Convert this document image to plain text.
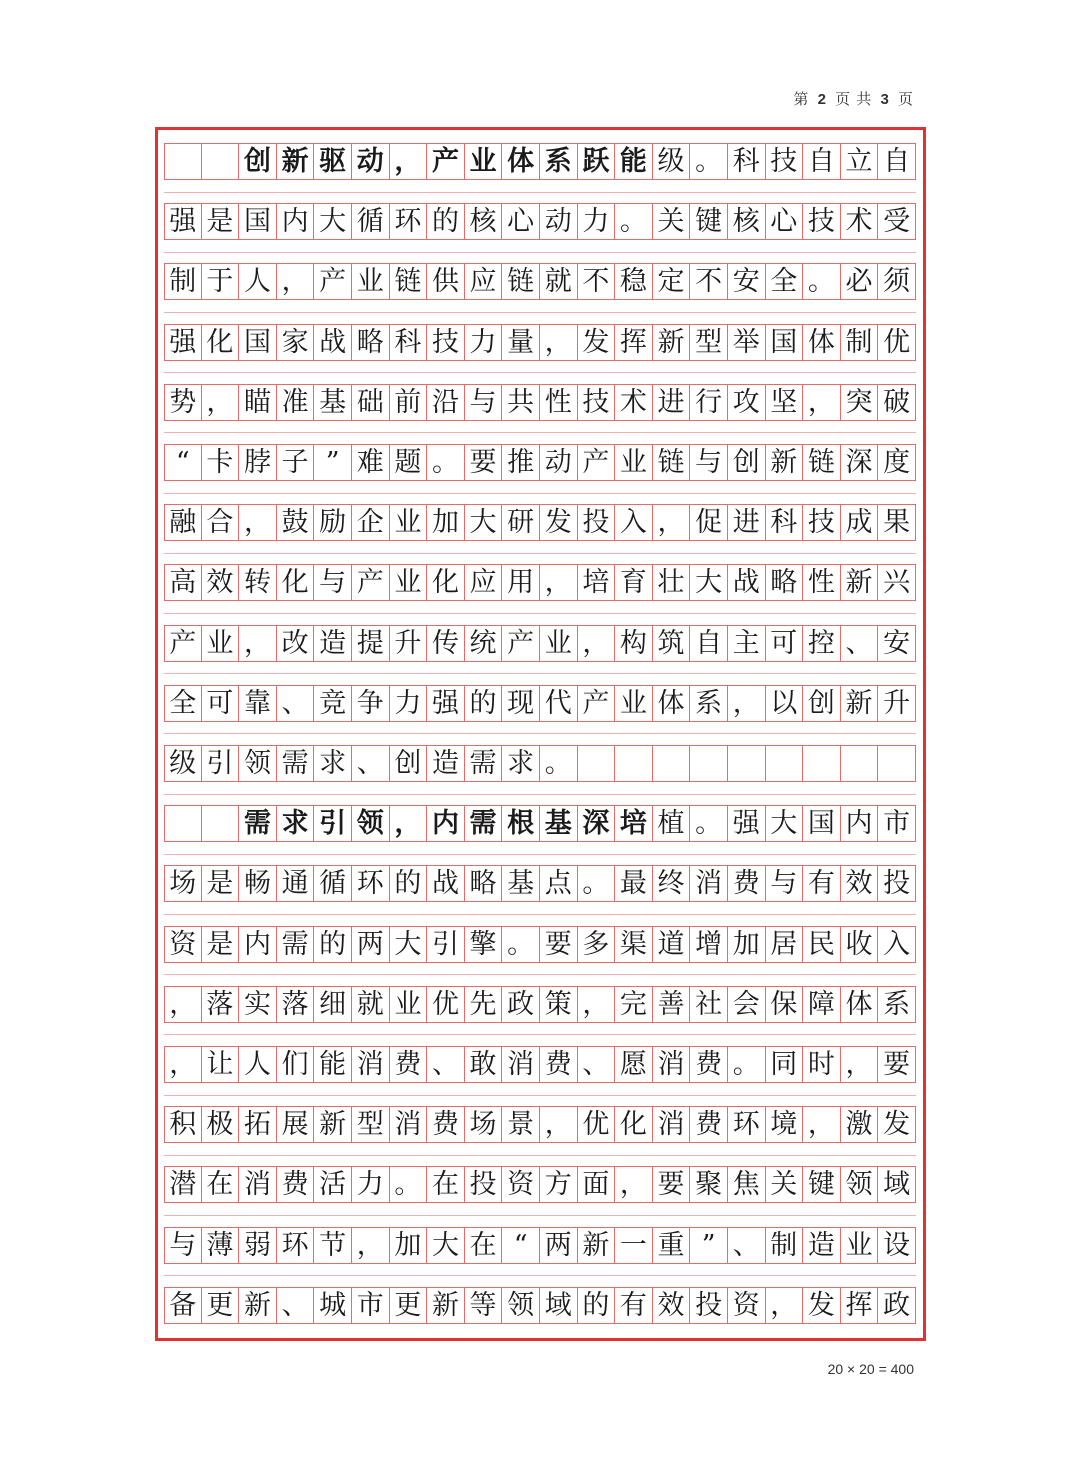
第 2 页 共 3 页
创 新 驱 动 ， 产 业 体 系 跃 能 级 。 科 技 自 立 自
强 是 国 内 大 循 环 的 核 心 动 力 。 关 键 核 心 技 术 受
制 于 人 ， 产 业 链 供 应 链 就 不 稳 定 不 安 全 。 必 须
强 化 国 家 战 略 科 技 力 量 ， 发 挥 新 型 举 国 体 制 优
势 ， 瞄 准 基 础 前 沿 与 共 性 技 术 进 行 攻 坚 ， 突 破
“ 卡 脖 子 ” 难 题 。 要 推 动 产 业 链 与 创 新 链 深 度
融 合 ， 鼓 励 企 业 加 大 研 发 投 入 ， 促 进 科 技 成 果
高 效 转 化 与 产 业 化 应 用 ， 培 育 壮 大 战 略 性 新 兴
产 业 ， 改 造 提 升 传 统 产 业 ， 构 筑 自 主 可 控 、 安
全 可 靠 、 竞 争 力 强 的 现 代 产 业 体 系 ， 以 创 新 升
级 引 领 需 求 、 创 造 需 求 。
需 求 引 领 ， 内 需 根 基 深 培 植 。 强 大 国 内 市
场 是 畅 通 循 环 的 战 略 基 点 。 最 终 消 费 与 有 效 投
资 是 内 需 的 两 大 引 擎 。 要 多 渠 道 增 加 居 民 收 入
， 落 实 落 细 就 业 优 先 政 策 ， 完 善 社 会 保 障 体 系
， 让 人 们 能 消 费 、 敢 消 费 、 愿 消 费 。 同 时 ， 要
积 极 拓 展 新 型 消 费 场 景 ， 优 化 消 费 环 境 ， 激 发
潜 在 消 费 活 力 。 在 投 资 方 面 ， 要 聚 焦 关 键 领 域
与 薄 弱 环 节 ， 加 大 在 “ 两 新 一 重 ” 、 制 造 业 设
备 更 新 、 城 市 更 新 等 领 域 的 有 效 投 资 ， 发 挥 政
20 × 20 = 400
